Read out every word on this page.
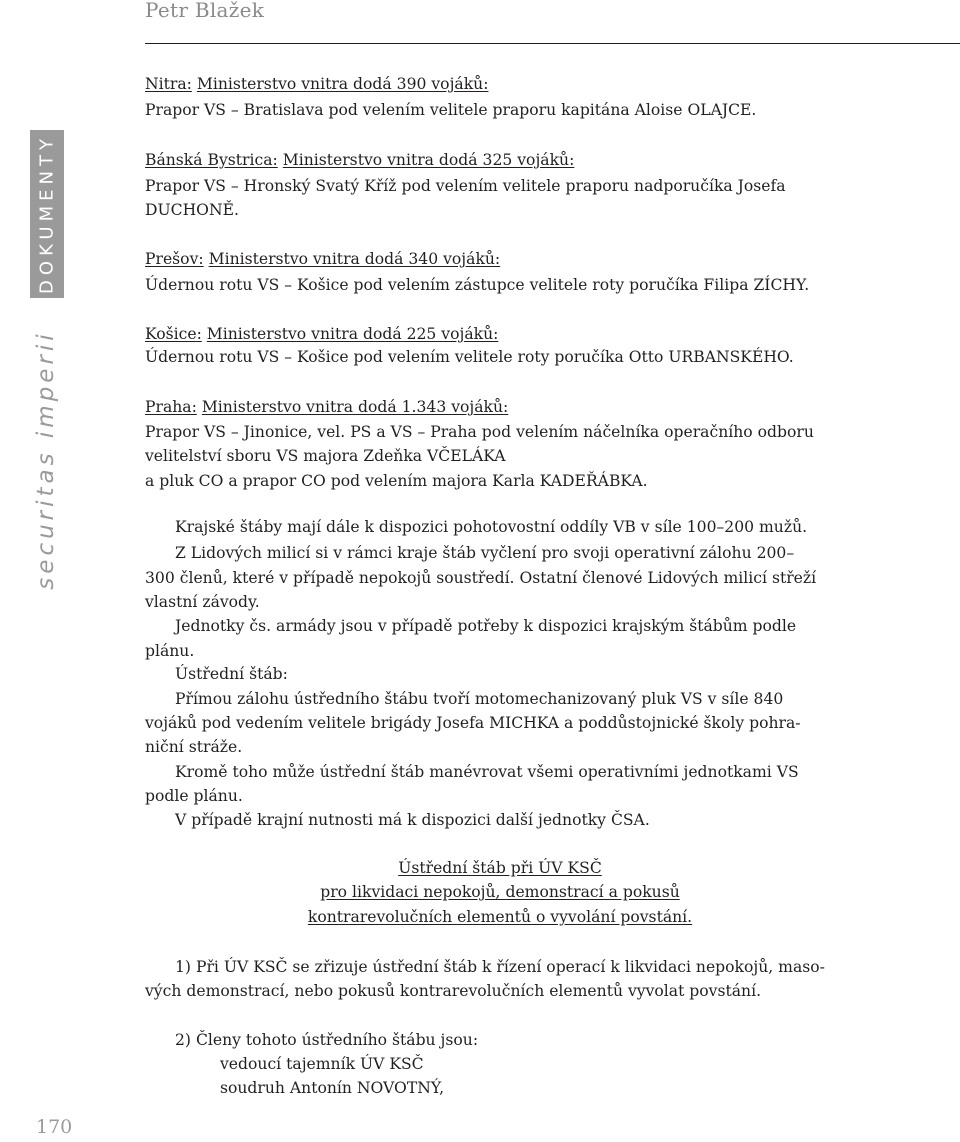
Petr Blažek
DOKUMENTY
securitas imperii
170
Nitra: Ministerstvo vnitra dodá 390 vojáků:
Prapor VS – Bratislava pod velením velitele praporu kapitána Aloise OLAJCE.
Bánská Bystrica: Ministerstvo vnitra dodá 325 vojáků:
Prapor VS – Hronský Svatý Kříž pod velením velitele praporu nadporučíka Josefa
DUCHONĚ.
Prešov: Ministerstvo vnitra dodá 340 vojáků:
Údernou rotu VS – Košice pod velením zástupce velitele roty poručíka Filipa ZÍCHY.
Košice: Ministerstvo vnitra dodá 225 vojáků:
Údernou rotu VS – Košice pod velením velitele roty poručíka Otto URBANSKÉHO.
Praha: Ministerstvo vnitra dodá 1.343 vojáků:
Prapor VS – Jinonice, vel. PS a VS – Praha pod velením náčelníka operačního odboru
velitelství sboru VS majora Zdeňka VČELÁKA
a pluk CO a prapor CO pod velením majora Karla KADEŘÁBKA.
Krajské štáby mají dále k dispozici pohotovostní oddíly VB v síle 100–200 mužů.
Z Lidových milicí si v rámci kraje štáb vyčlení pro svoji operativní zálohu 200–
300 členů, které v případě nepokojů soustředí. Ostatní členové Lidových milicí střeží
vlastní závody.
Jednotky čs. armády jsou v případě potřeby k dispozici krajským štábům podle
plánu.
Ústřední štáb:
Přímou zálohu ústředního štábu tvoří motomechanizovaný pluk VS v síle 840
vojáků pod vedením velitele brigády Josefa MICHKA a poddůstojnické školy pohra-
niční stráže.
Kromě toho může ústřední štáb manévrovat všemi operativními jednotkami VS
podle plánu.
V případě krajní nutnosti má k dispozici další jednotky ČSA.
Ústřední štáb při ÚV KSČ
pro likvidaci nepokojů, demonstrací a pokusů
kontrarevolučních elementů o vyvolání povstání.
1) Při ÚV KSČ se zřizuje ústřední štáb k řízení operací k likvidaci nepokojů, maso-
vých demonstrací, nebo pokusů kontrarevolučních elementů vyvolat povstání.
2) Členy tohoto ústředního štábu jsou:
vedoucí tajemník ÚV KSČ
soudruh Antonín NOVOTNÝ,
